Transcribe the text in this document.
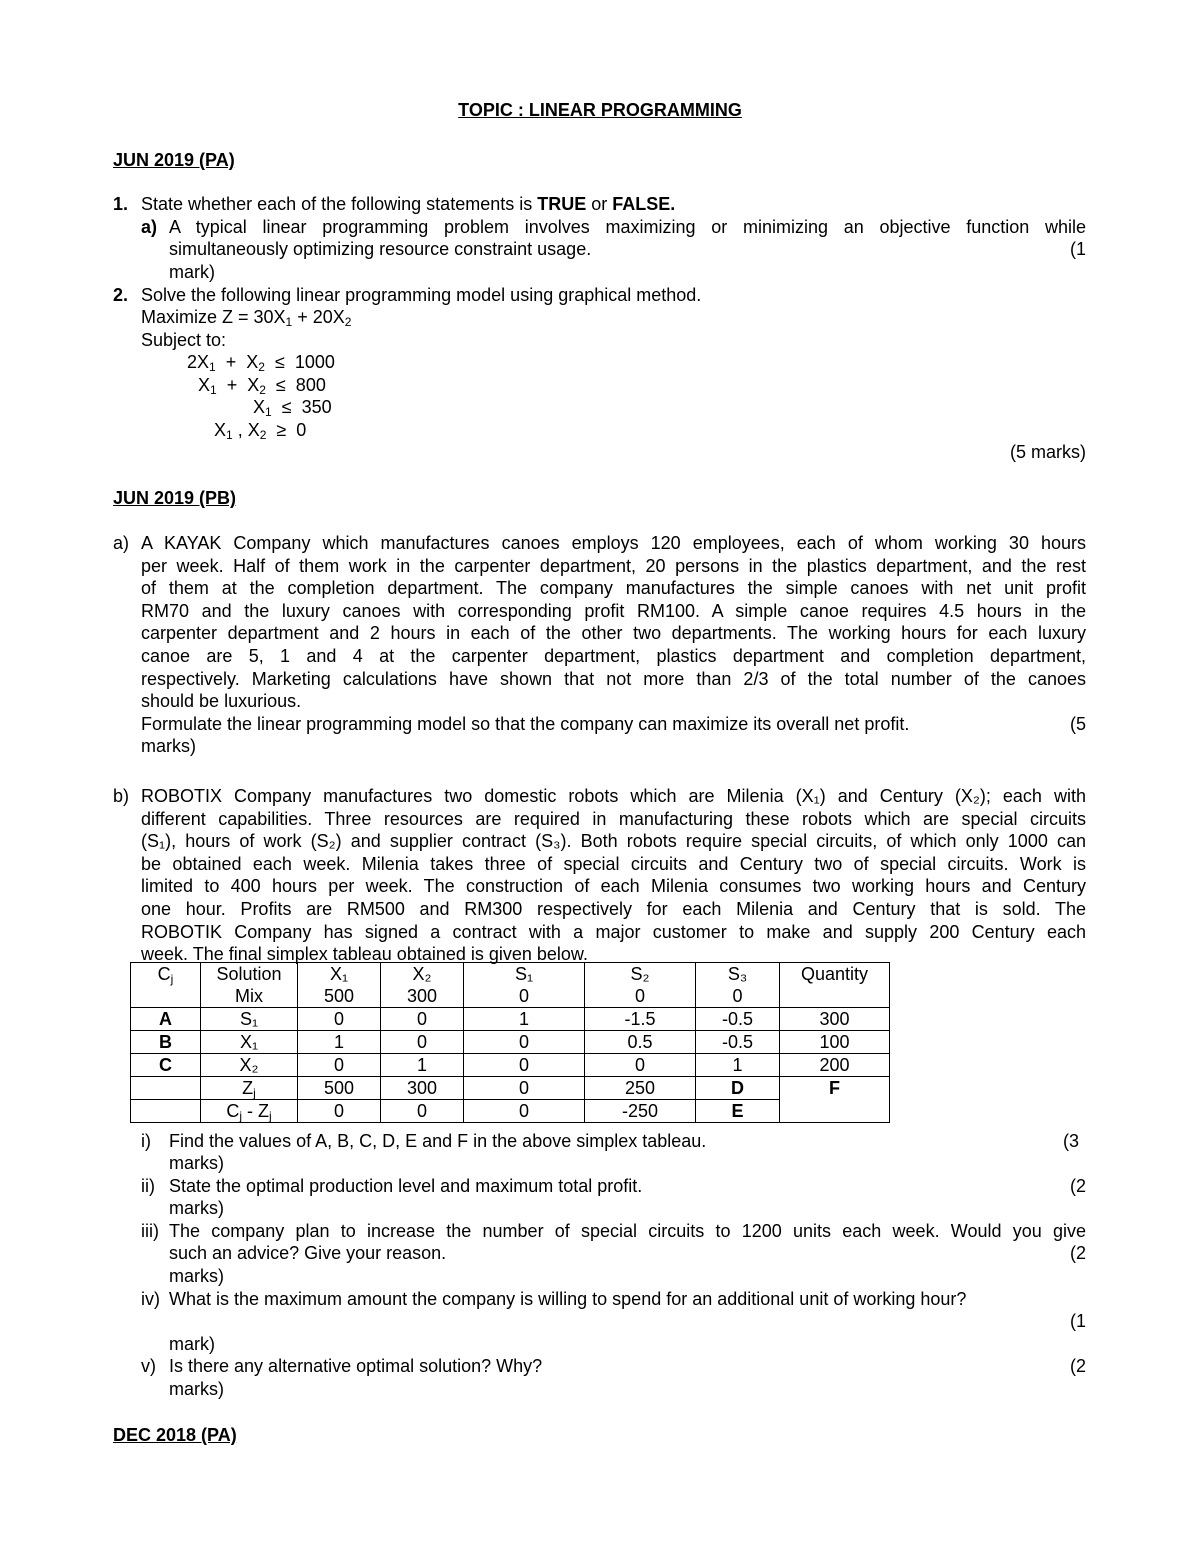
TOPIC : LINEAR PROGRAMMING
JUN 2019 (PA)
1. State whether each of the following statements is TRUE or FALSE.
a) A typical linear programming problem involves maximizing or minimizing an objective function while
simultaneously optimizing resource constraint usage.	(1
mark)
2. Solve the following linear programming model using graphical method.
Maximize $Z = 30X_1 + 20X_2$
Subject to:
$2X_1 + X_2 \le 1000$
$X_1 + X_2 \le 800$
$X_1 \le 350$
$X_1$ , $X_2 \ge 0$
(5 marks)
JUN 2019 (PB)
a) A KAYAK Company which manufactures canoes employs 120 employees, each of whom working 30 hours
per week. Half of them work in the carpenter department, 20 persons in the plastics department, and the rest
of them at the completion department. The company manufactures the simple canoes with net unit profit
RM70 and the luxury canoes with corresponding profit RM100. A simple canoe requires 4.5 hours in the
carpenter department and 2 hours in each of the other two departments. The working hours for each luxury
canoe are 5, 1 and 4 at the carpenter department, plastics department and completion department,
respectively. Marketing calculations have shown that not more than 2/3 of the total number of the canoes
should be luxurious.
Formulate the linear programming model so that the company can maximize its overall net profit.	(5
marks)
b) ROBOTIX Company manufactures two domestic robots which are Milenia (X₁) and Century (X₂); each with
different capabilities. Three resources are required in manufacturing these robots which are special circuits
(S₁), hours of work (S₂) and supplier contract (S₃). Both robots require special circuits, of which only 1000 can
be obtained each week. Milenia takes three of special circuits and Century two of special circuits. Work is
limited to 400 hours per week. The construction of each Milenia consumes two working hours and Century
one hour. Profits are RM500 and RM300 respectively for each Milenia and Century that is sold. The
ROBOTIK Company has signed a contract with a major customer to make and supply 200 Century each
week. The final simplex tableau obtained is given below.
$C_j$	Solution	X₁	X₂	S₁	S₂	S₃	Quantity
	Mix	500	300	0	0	0	
A	S₁	0	0	1	-1.5	-0.5	300
B	X₁	1	0	0	0.5	-0.5	100
C	X₂	0	1	0	0	1	200
	$Z_j$	500	300	0	250	D	F
	$C_j - Z_j$	0	0	0	-250	E	
i) Find the values of A, B, C, D, E and F in the above simplex tableau.	(3
marks)
ii) State the optimal production level and maximum total profit.	(2
marks)
iii) The company plan to increase the number of special circuits to 1200 units each week. Would you give
such an advice? Give your reason.	(2
marks)
iv) What is the maximum amount the company is willing to spend for an additional unit of working hour?
(1
mark)
v) Is there any alternative optimal solution? Why?	(2
marks)
DEC 2018 (PA)
